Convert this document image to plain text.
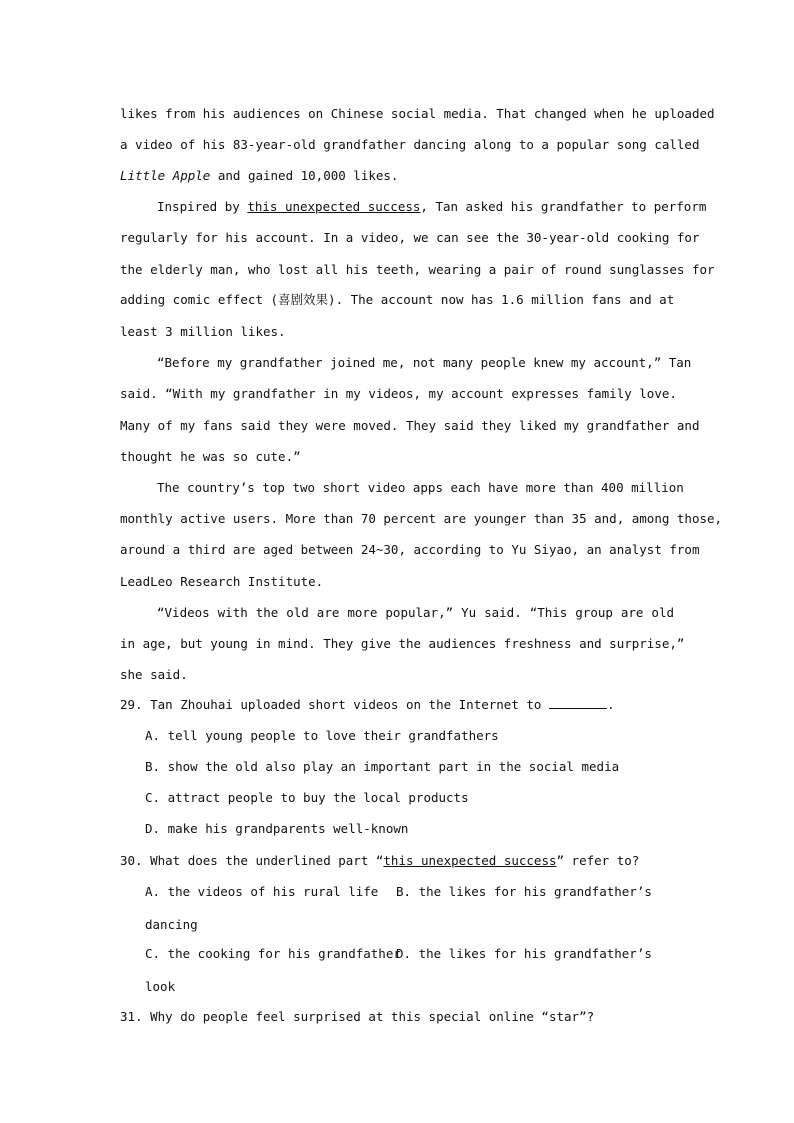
likes from his audiences on Chinese social media. That changed when he uploaded
a video of his 83-year-old grandfather dancing along to a popular song called
Little Apple and gained 10,000 likes.
Inspired by this unexpected success, Tan asked his grandfather to perform
regularly for his account. In a video, we can see the 30-year-old cooking for
the elderly man, who lost all his teeth, wearing a pair of round sunglasses for
adding comic effect (喜剧效果). The account now has 1.6 million fans and at
least 3 million likes.
“Before my grandfather joined me, not many people knew my account,” Tan
said. “With my grandfather in my videos, my account expresses family love.
Many of my fans said they were moved. They said they liked my grandfather and
thought he was so cute.”
The country’s top two short video apps each have more than 400 million
monthly active users. More than 70 percent are younger than 35 and, among those,
around a third are aged between 24~30, according to Yu Siyao, an analyst from
LeadLeo Research Institute.
“Videos with the old are more popular,” Yu said. “This group are old
in age, but young in mind. They give the audiences freshness and surprise,”
she said.
29. Tan Zhouhai uploaded short videos on the Internet to	.
A. tell young people to love their grandfathers
B. show the old also play an important part in the social media
C. attract people to buy the local products
D. make his grandparents well-known
30. What does the underlined part “this unexpected success” refer to?
A. the videos of his rural life B. the likes for his grandfather’s
dancing
C. the cooking for his grandfather
D. the likes for his grandfather’s
look
31. Why do people feel surprised at this special online “star”?
